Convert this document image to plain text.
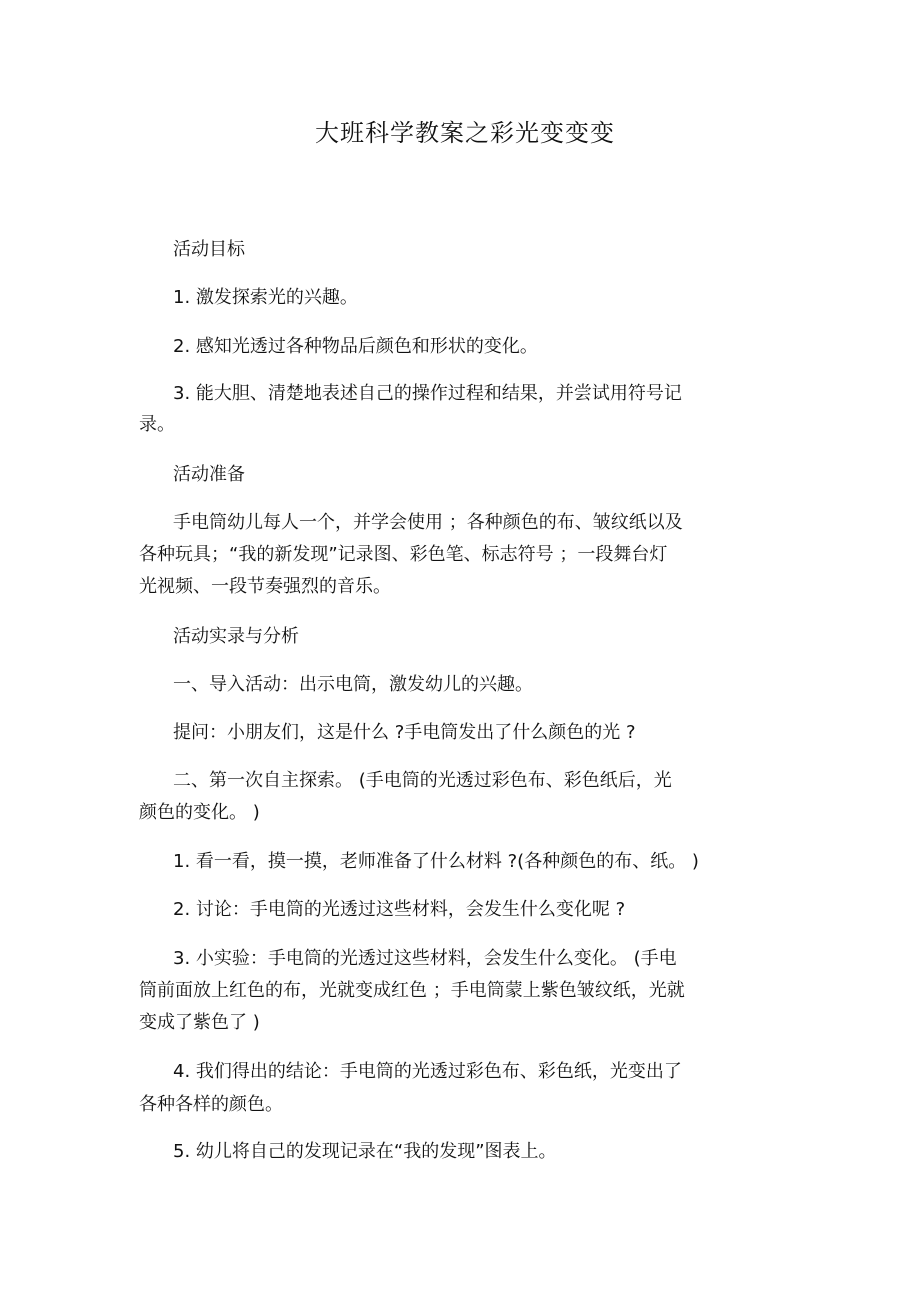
大班科学教案之彩光变变变
活动目标
1. 激发探索光的兴趣。
2. 感知光透过各种物品后颜色和形状的变化。
3. 能大胆、清楚地表述自己的操作过程和结果，并尝试用符号记
录。
活动准备
手电筒幼儿每人一个，并学会使用 ；各种颜色的布、皱纹纸以及
各种玩具；“我的新发现”记录图、彩色笔、标志符号 ；一段舞台灯
光视频、一段节奏强烈的音乐。
活动实录与分析
一、导入活动：出示电筒，激发幼儿的兴趣。
提问：小朋友们，这是什么 ?手电筒发出了什么颜色的光 ?
二、第一次自主探索。 (手电筒的光透过彩色布、彩色纸后，光
颜色的变化。 )
1. 看一看，摸一摸，老师准备了什么材料 ?(各种颜色的布、纸。 )
2. 讨论：手电筒的光透过这些材料，会发生什么变化呢 ?
3. 小实验：手电筒的光透过这些材料，会发生什么变化。 (手电
筒前面放上红色的布，光就变成红色 ；手电筒蒙上紫色皱纹纸，光就
变成了紫色了 )
4. 我们得出的结论：手电筒的光透过彩色布、彩色纸，光变出了
各种各样的颜色。
5. 幼儿将自己的发现记录在“我的发现”图表上。
